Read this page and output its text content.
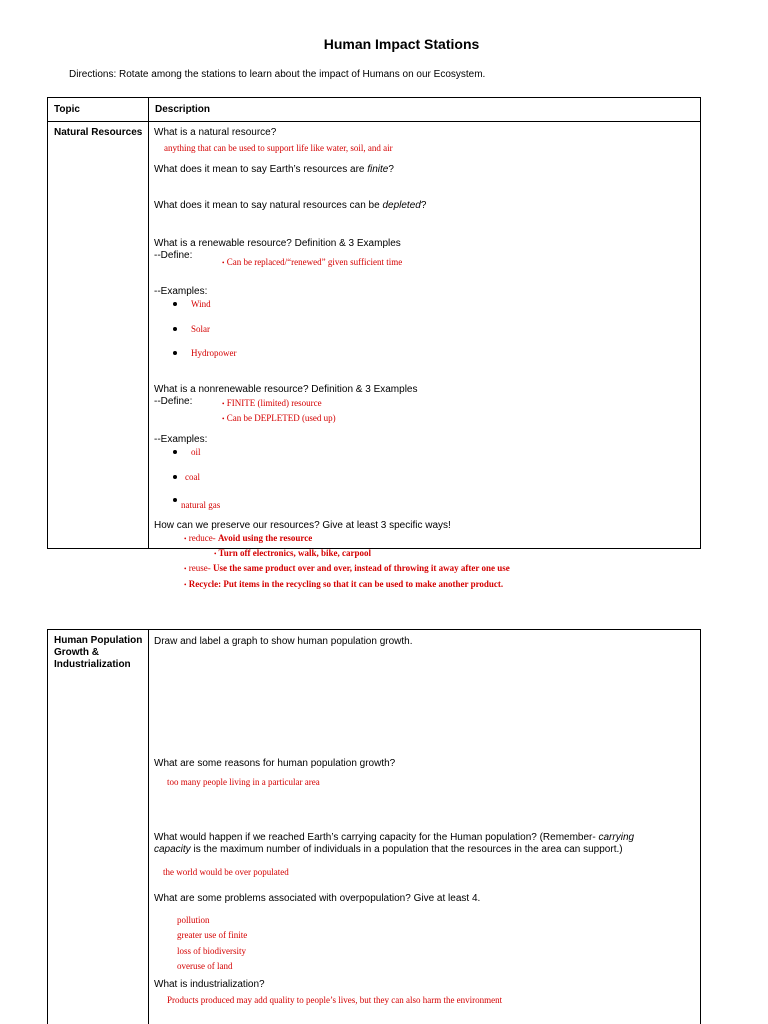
Human Impact Stations
Directions: Rotate among the stations to learn about the impact of Humans on our Ecosystem.
Topic	Description
Natural Resources What is a natural resource?
anything that can be used to support life like water, soil, and air
What does it mean to say Earth’s resources are finite?
What does it mean to say natural resources can be depleted?
What is a renewable resource? Definition & 3 Examples
--Define:
• Can be replaced/“renewed” given sufficient time
--Examples:
Wind
Solar
Hydropower
What is a nonrenewable resource? Definition & 3 Examples
--Define:	• FINITE (limited) resource
• Can be DEPLETED (used up)
--Examples:
oil
coal
natural gas
How can we preserve our resources? Give at least 3 specific ways!
• reduce- Avoid using the resource
• Turn off electronics, walk, bike, carpool
• reuse- Use the same product over and over, instead of throwing it away after one use
• Recycle: Put items in the recycling so that it can be used to make another product.
Human Population Growth & Industrialization
Draw and label a graph to show human population growth.
What are some reasons for human population growth?
too many people living in a particular area
What would happen if we reached Earth’s carrying capacity for the Human population? (Remember- carrying
capacity is the maximum number of individuals in a population that the resources in the area can support.)
the world would be over populated
What are some problems associated with overpopulation? Give at least 4.
pollution
greater use of finite
loss of biodiversity
overuse of land
What is industrialization?
Products produced may add quality to people’s lives, but they can also harm the environment
